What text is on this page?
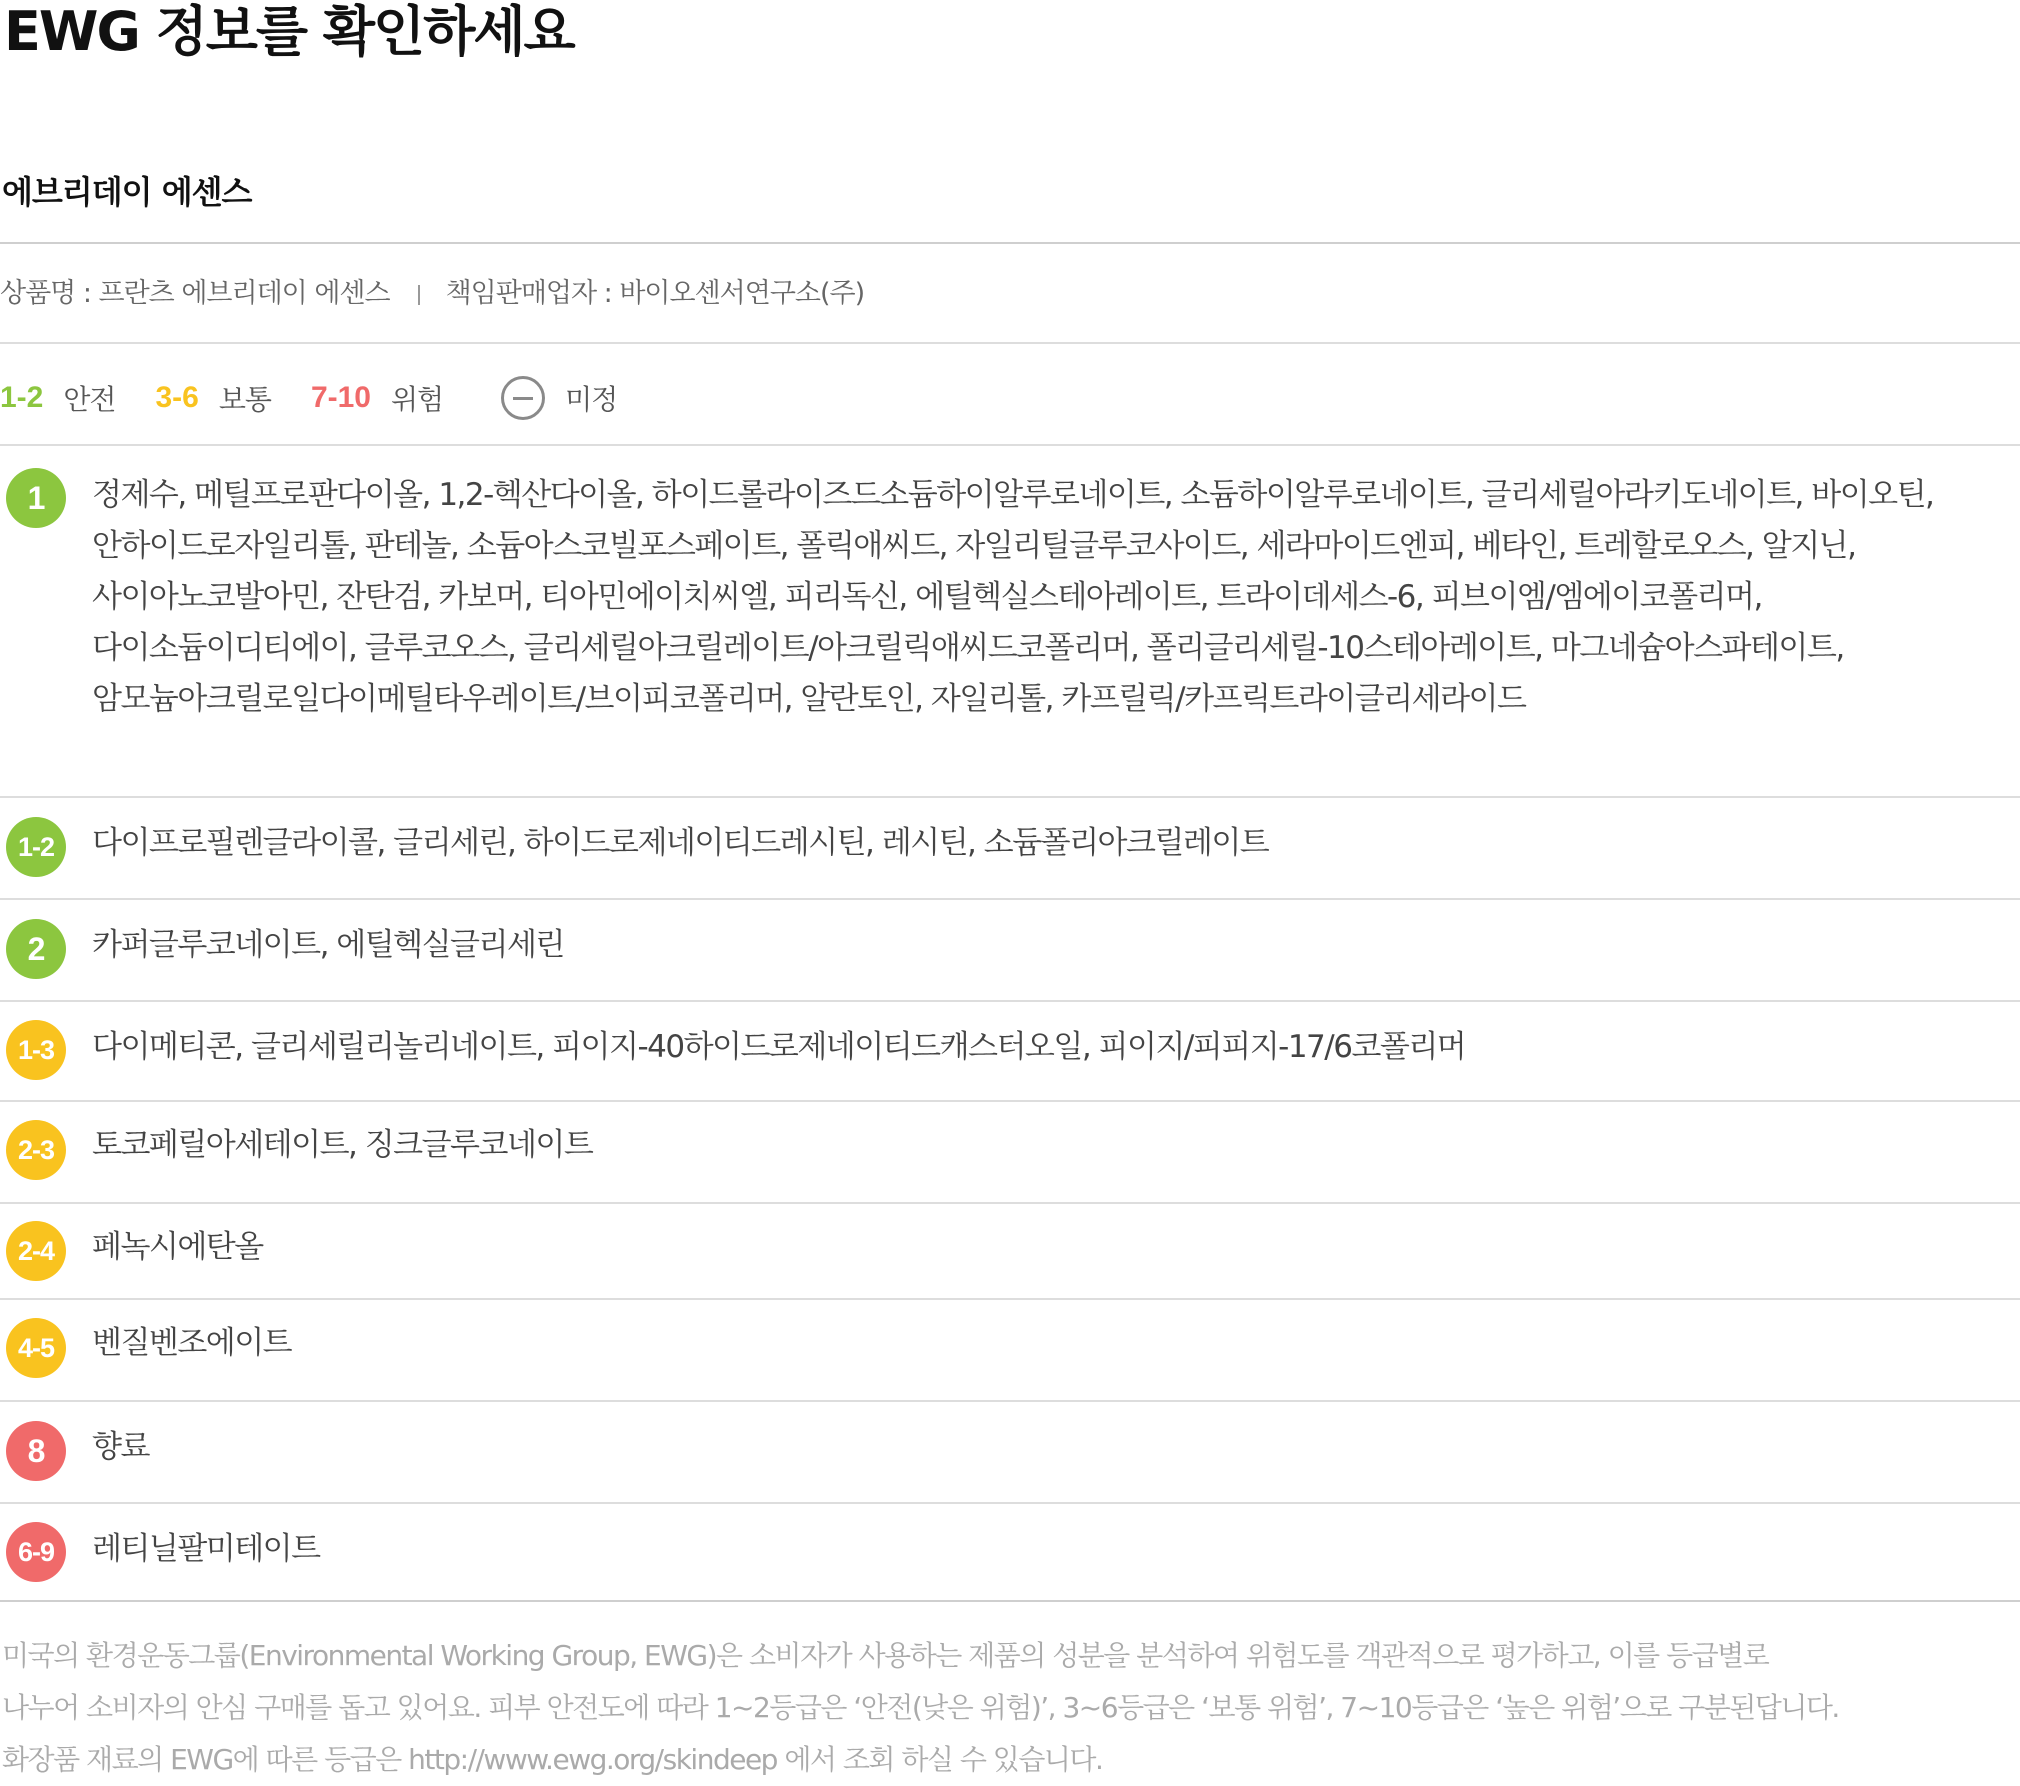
EWG 정보를 확인하세요
에브리데이 에센스
상품명 : 프란츠 에브리데이 에센스 책임판매업자 : 바이오센서연구소(주)
1-2 안전 3-6 보통 7-10 위험	미정
1	정제수, 메틸프로판다이올, 1,2-헥산다이올, 하이드롤라이즈드소듐하이알루로네이트, 소듐하이알루로네이트, 글리세릴아라키도네이트, 바이오틴, 안하이드로자일리톨, 판테놀, 소듐아스코빌포스페이트, 폴릭애씨드, 자일리틸글루코사이드, 세라마이드엔피, 베타인, 트레할로오스, 알지닌, 사이아노코발아민, 잔탄검, 카보머, 티아민에이치씨엘, 피리독신, 에틸헥실스테아레이트, 트라이데세스-6, 피브이엠/엠에이코폴리머, 다이소듐이디티에이, 글루코오스, 글리세릴아크릴레이트/아크릴릭애씨드코폴리머, 폴리글리세릴-10스테아레이트, 마그네슘아스파테이트, 암모늄아크릴로일다이메틸타우레이트/브이피코폴리머, 알란토인, 자일리톨, 카프릴릭/카프릭트라이글리세라이드
1-2	다이프로필렌글라이콜, 글리세린, 하이드로제네이티드레시틴, 레시틴, 소듐폴리아크릴레이트
2	카퍼글루코네이트, 에틸헥실글리세린
1-3	다이메티콘, 글리세릴리놀리네이트, 피이지-40하이드로제네이티드캐스터오일, 피이지/피피지-17/6코폴리머
2-3	토코페릴아세테이트, 징크글루코네이트
2-4	페녹시에탄올
4-5	벤질벤조에이트
8	향료
6-9	레티닐팔미테이트

미국의 환경운동그룹(Environmental Working Group, EWG)은 소비자가 사용하는 제품의 성분을 분석하여 위험도를 객관적으로 평가하고, 이를 등급별로

나누어 소비자의 안심 구매를 돕고 있어요. 피부 안전도에 따라 1~2등급은 ‘안전(낮은 위험)’, 3~6등급은 ‘보통 위험’, 7~10등급은 ‘높은 위험’으로 구분된답니다.

화장품 재료의 EWG에 따른 등급은 http://www.ewg.org/skindeep 에서 조회 하실 수 있습니다.
